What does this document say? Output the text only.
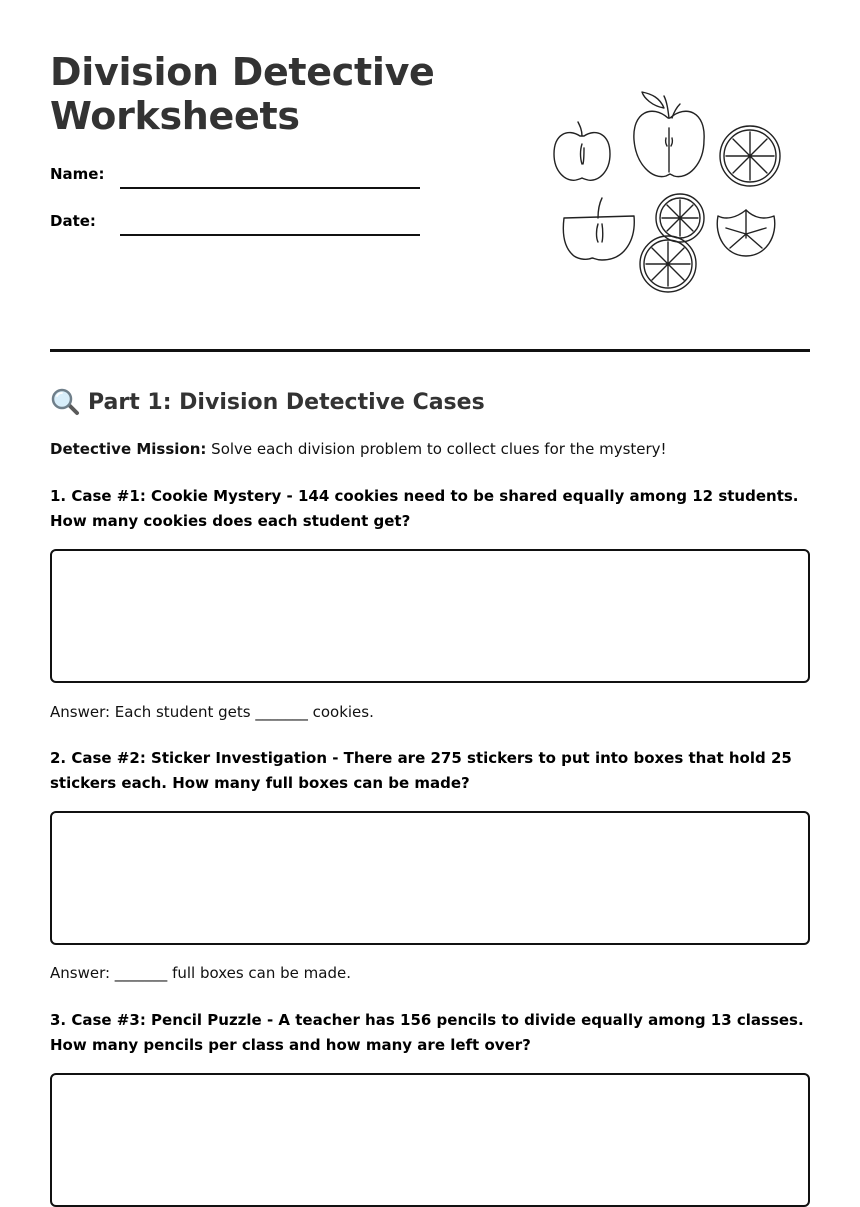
Division Detective
Worksheets
Name:
Date:
Part 1: Division Detective Cases
Detective Mission: Solve each division problem to collect clues for the mystery!

1. Case #1: Cookie Mystery - 144 cookies need to be shared equally among 12 students. How many cookies does each student get?

Answer: Each student gets _______ cookies.

2. Case #2: Sticker Investigation - There are 275 stickers to put into boxes that hold 25 stickers each. How many full boxes can be made?

Answer: _______ full boxes can be made.

3. Case #3: Pencil Puzzle - A teacher has 156 pencils to divide equally among 13 classes. How many pencils per class and how many are left over?
